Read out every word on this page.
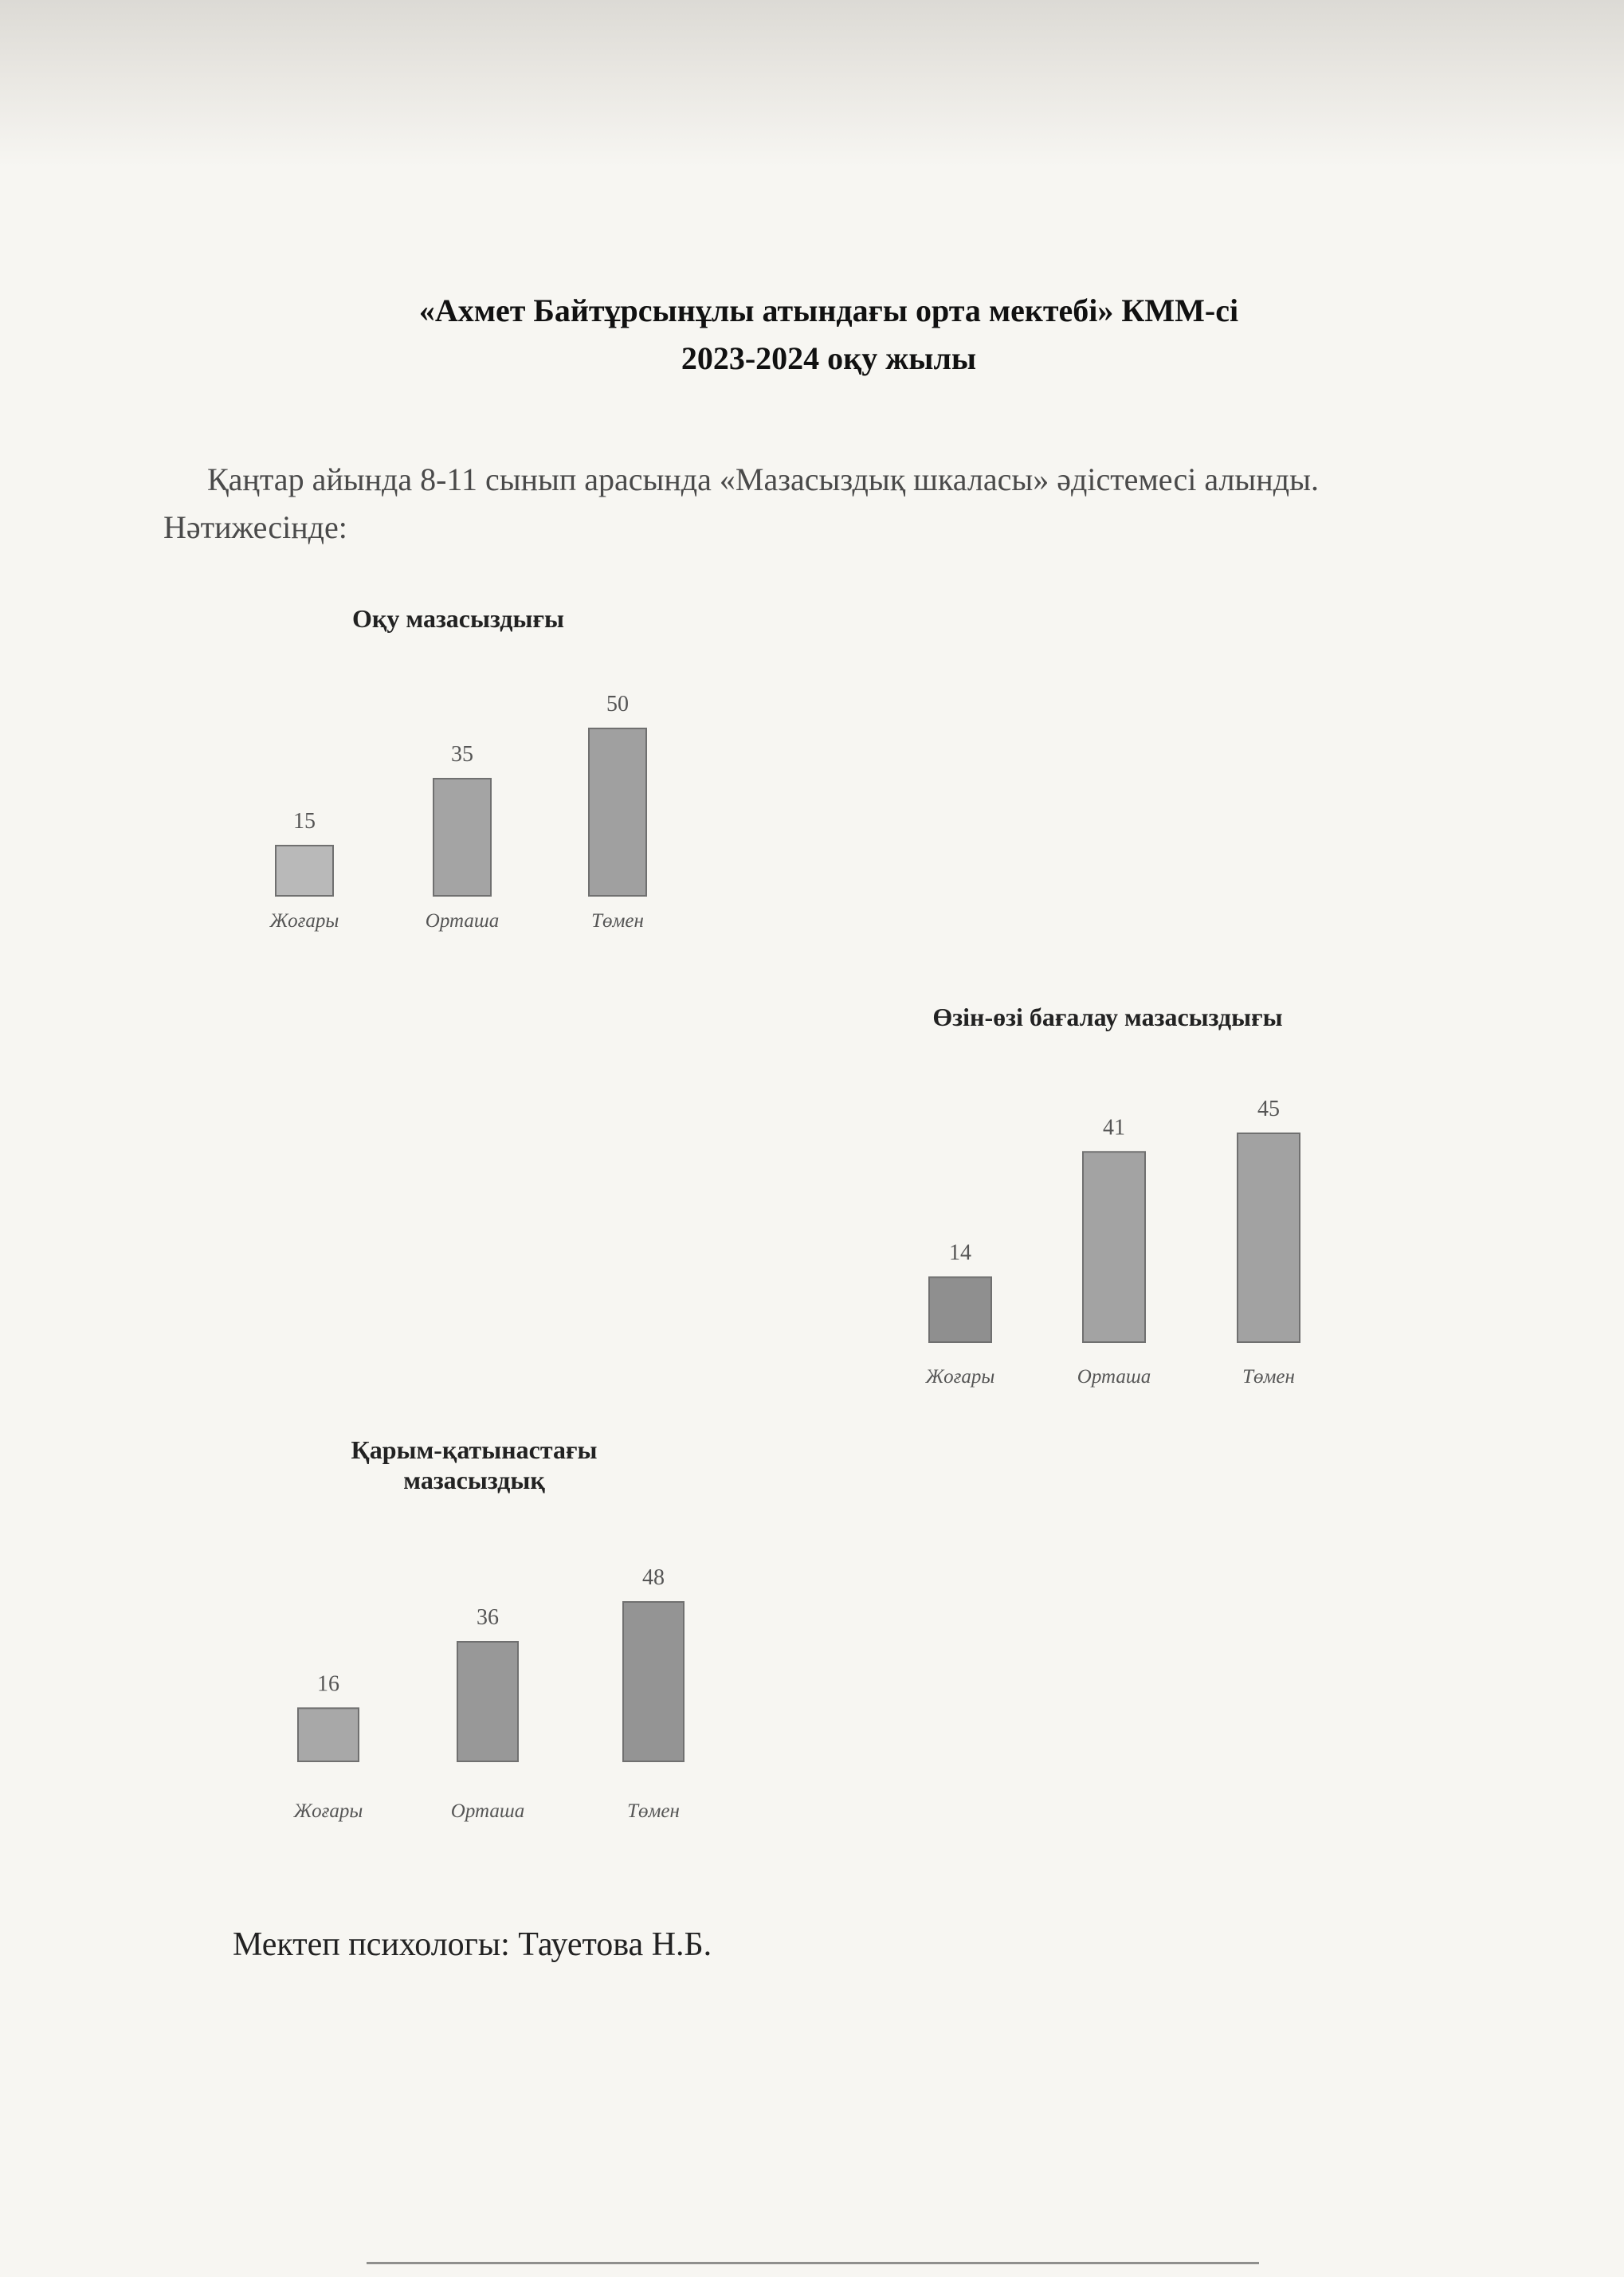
«Ахмет Байтұрсынұлы атындағы орта мектебі» КММ-сі
2023-2024 оқу жылы
Қаңтар айында 8-11 сынып арасында «Мазасыздық шкаласы» әдістемесі алынды. Нәтижесінде:
Оқу мазасыздығы
15
Жоғары
35
Орташа
50
Төмен
Өзін-өзі бағалау мазасыздығы
14
Жоғары
41
Орташа
45
Төмен
Қарым-қатынастағы
мазасыздық
16
Жоғары
36
Орташа
48
Төмен
Мектеп психологы: Тауетова Н.Б.
